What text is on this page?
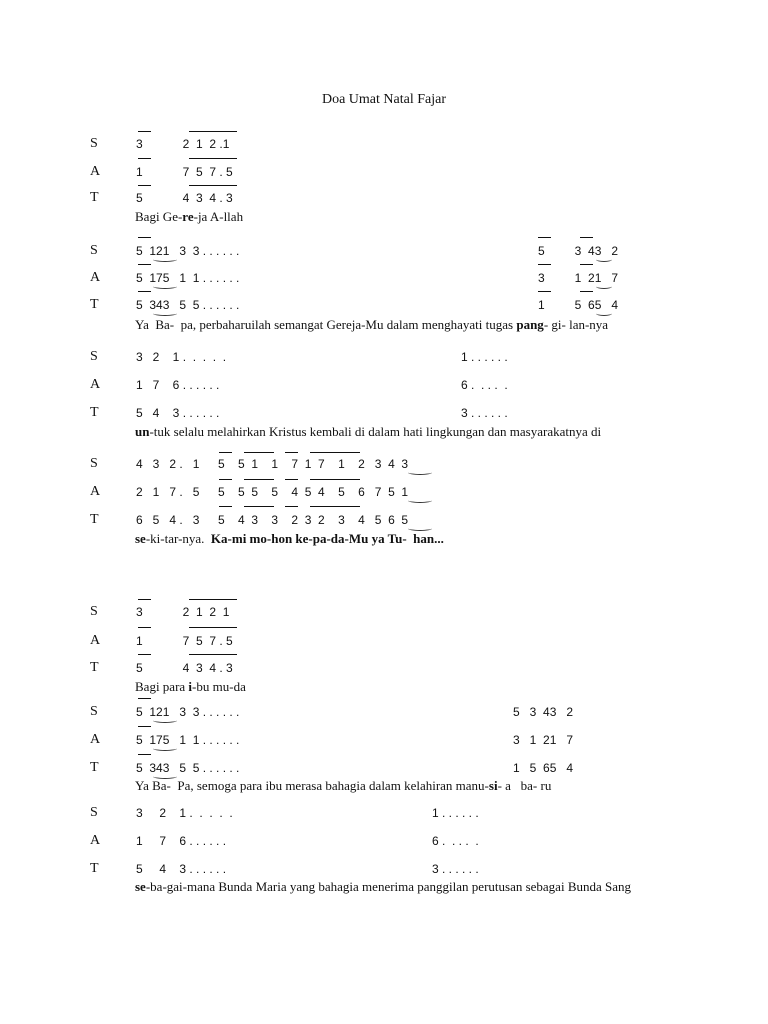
Doa Umat Natal Fajar
S	3            2  1  2 .1
A	1            7  5  7 . 5
T	5            4  3  4 . 3
Bagi Ge-re-ja A-llah
S	5  121   3  3 . . . . . .	5         3  43   2
A	5  175   1  1 . . . . . .	3         1  21   7
T	5  343   5  5 . . . . . .	1         5  65   4
Ya  Ba-  pa, perbaharuilah semangat Gereja-Mu dalam menghayati tugas pang- gi- lan-nya
S	3   2    1 .  .  .  .  .	1 . . . . . .
A	1   7    6 . . . . . .	6 .  . . .  .
T	5   4    3 . . . . . .	3 . . . . . .
un-tuk selalu melahirkan Kristus kembali di dalam hati lingkungan dan masyarakatnya di
S	4   3   2 .   1 5    5  1    1    7  1  7    1    2   3  4  3
A	2   1   7 .   5 5    5  5    5    4  5  4    5    6   7  5  1
T	6   5   4 .   3 5    4  3    3    2  3  2    3    4   5  6  5
se-ki-tar-nya.  Ka-mi mo-hon ke-pa-da-Mu ya Tu-  han...
S	3            2  1  2  1
A	1            7  5  7 . 5
T	5            4  3  4 . 3
Bagi para i-bu mu-da
S	5  121   3  3 . . . . . .	5   3  43   2
A	5  175   1  1 . . . . . .	3   1  21   7
T	5  343   5  5 . . . . . .	1   5  65   4
Ya Ba-  Pa, semoga para ibu merasa bahagia dalam kelahiran manu-si- a   ba- ru
S	3     2    1 .  .  .  .  .	1 . . . . . .
A	1     7    6 . . . . . .	6 .  . . .  .
T	5     4    3 . . . . . .	3 . . . . . .
se-ba-gai-mana Bunda Maria yang bahagia menerima panggilan perutusan sebagai Bunda Sang
